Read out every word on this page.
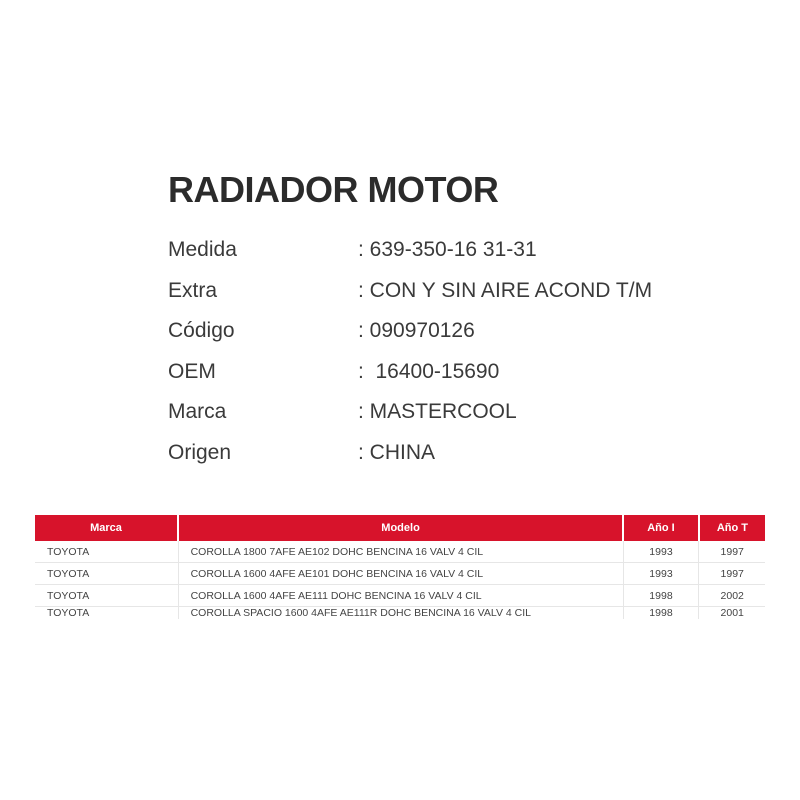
RADIADOR MOTOR
Medida	: 639-350-16 31-31
Extra	: CON Y SIN AIRE ACOND T/M
Código	: 090970126
OEM	:  16400-15690
Marca	: MASTERCOOL
Origen	: CHINA
Marca	Modelo	Año I	Año T
TOYOTA	COROLLA 1800 7AFE AE102 DOHC BENCINA 16 VALV 4 CIL	1993	1997
TOYOTA	COROLLA 1600 4AFE AE101 DOHC BENCINA 16 VALV 4 CIL	1993	1997
TOYOTA	COROLLA 1600 4AFE AE111 DOHC BENCINA 16 VALV 4 CIL	1998	2002
TOYOTA	COROLLA SPACIO 1600 4AFE AE111R DOHC BENCINA 16 VALV 4 CIL	1998	2001
